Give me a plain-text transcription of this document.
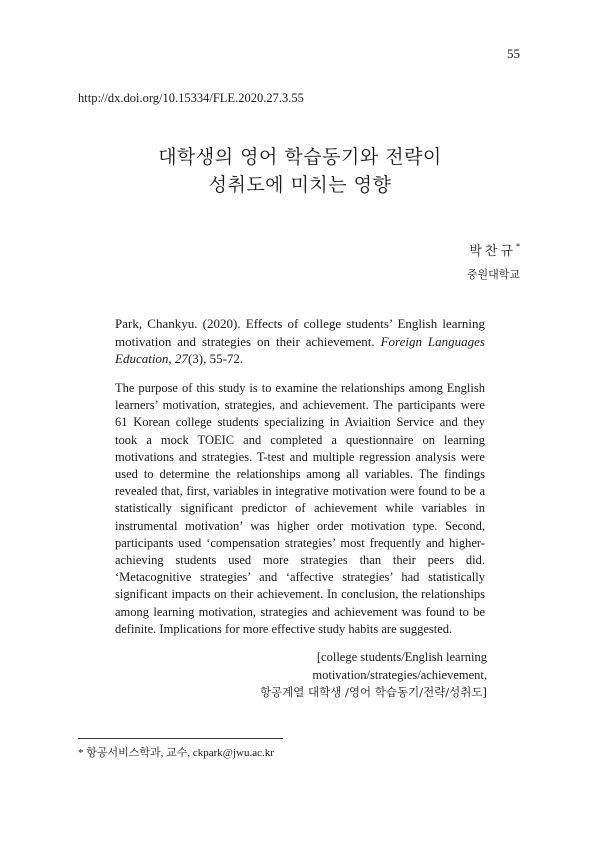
55
http://dx.doi.org/10.15334/FLE.2020.27.3.55
대학생의 영어 학습동기와 전략이
성취도에 미치는 영향
박찬규*
중원대학교
Park, Chankyu. (2020). Effects of college students’ English learning motivation and strategies on their achievement. Foreign Languages Education, 27(3), 55-72.
The purpose of this study is to examine the relationships among English learners’ motivation, strategies, and achievement. The participants were 61 Korean college students specializing in Aviaition Service and they took a mock TOEIC and completed a questionnaire on learning motivations and strategies. T-test and multiple regression analysis were used to determine the relationships among all variables. The findings revealed that, first, variables in integrative motivation were found to be a statistically significant predictor of achievement while variables in instrumental motivation’ was higher order motivation type. Second, participants used ‘compensation strategies’ most frequently and higher-achieving students used more strategies than their peers did. ‘Metacognitive strategies’ and ‘affective strategies’ had statistically significant impacts on their achievement. In conclusion, the relationships among learning motivation, strategies and achievement was found to be definite. Implications for more effective study habits are suggested.
[college students/English learning
motivation/strategies/achievement,
항공계열 대학생 /영어 학습동기/전략/성취도]
* 항공서비스학과, 교수, ckpark@jwu.ac.kr
